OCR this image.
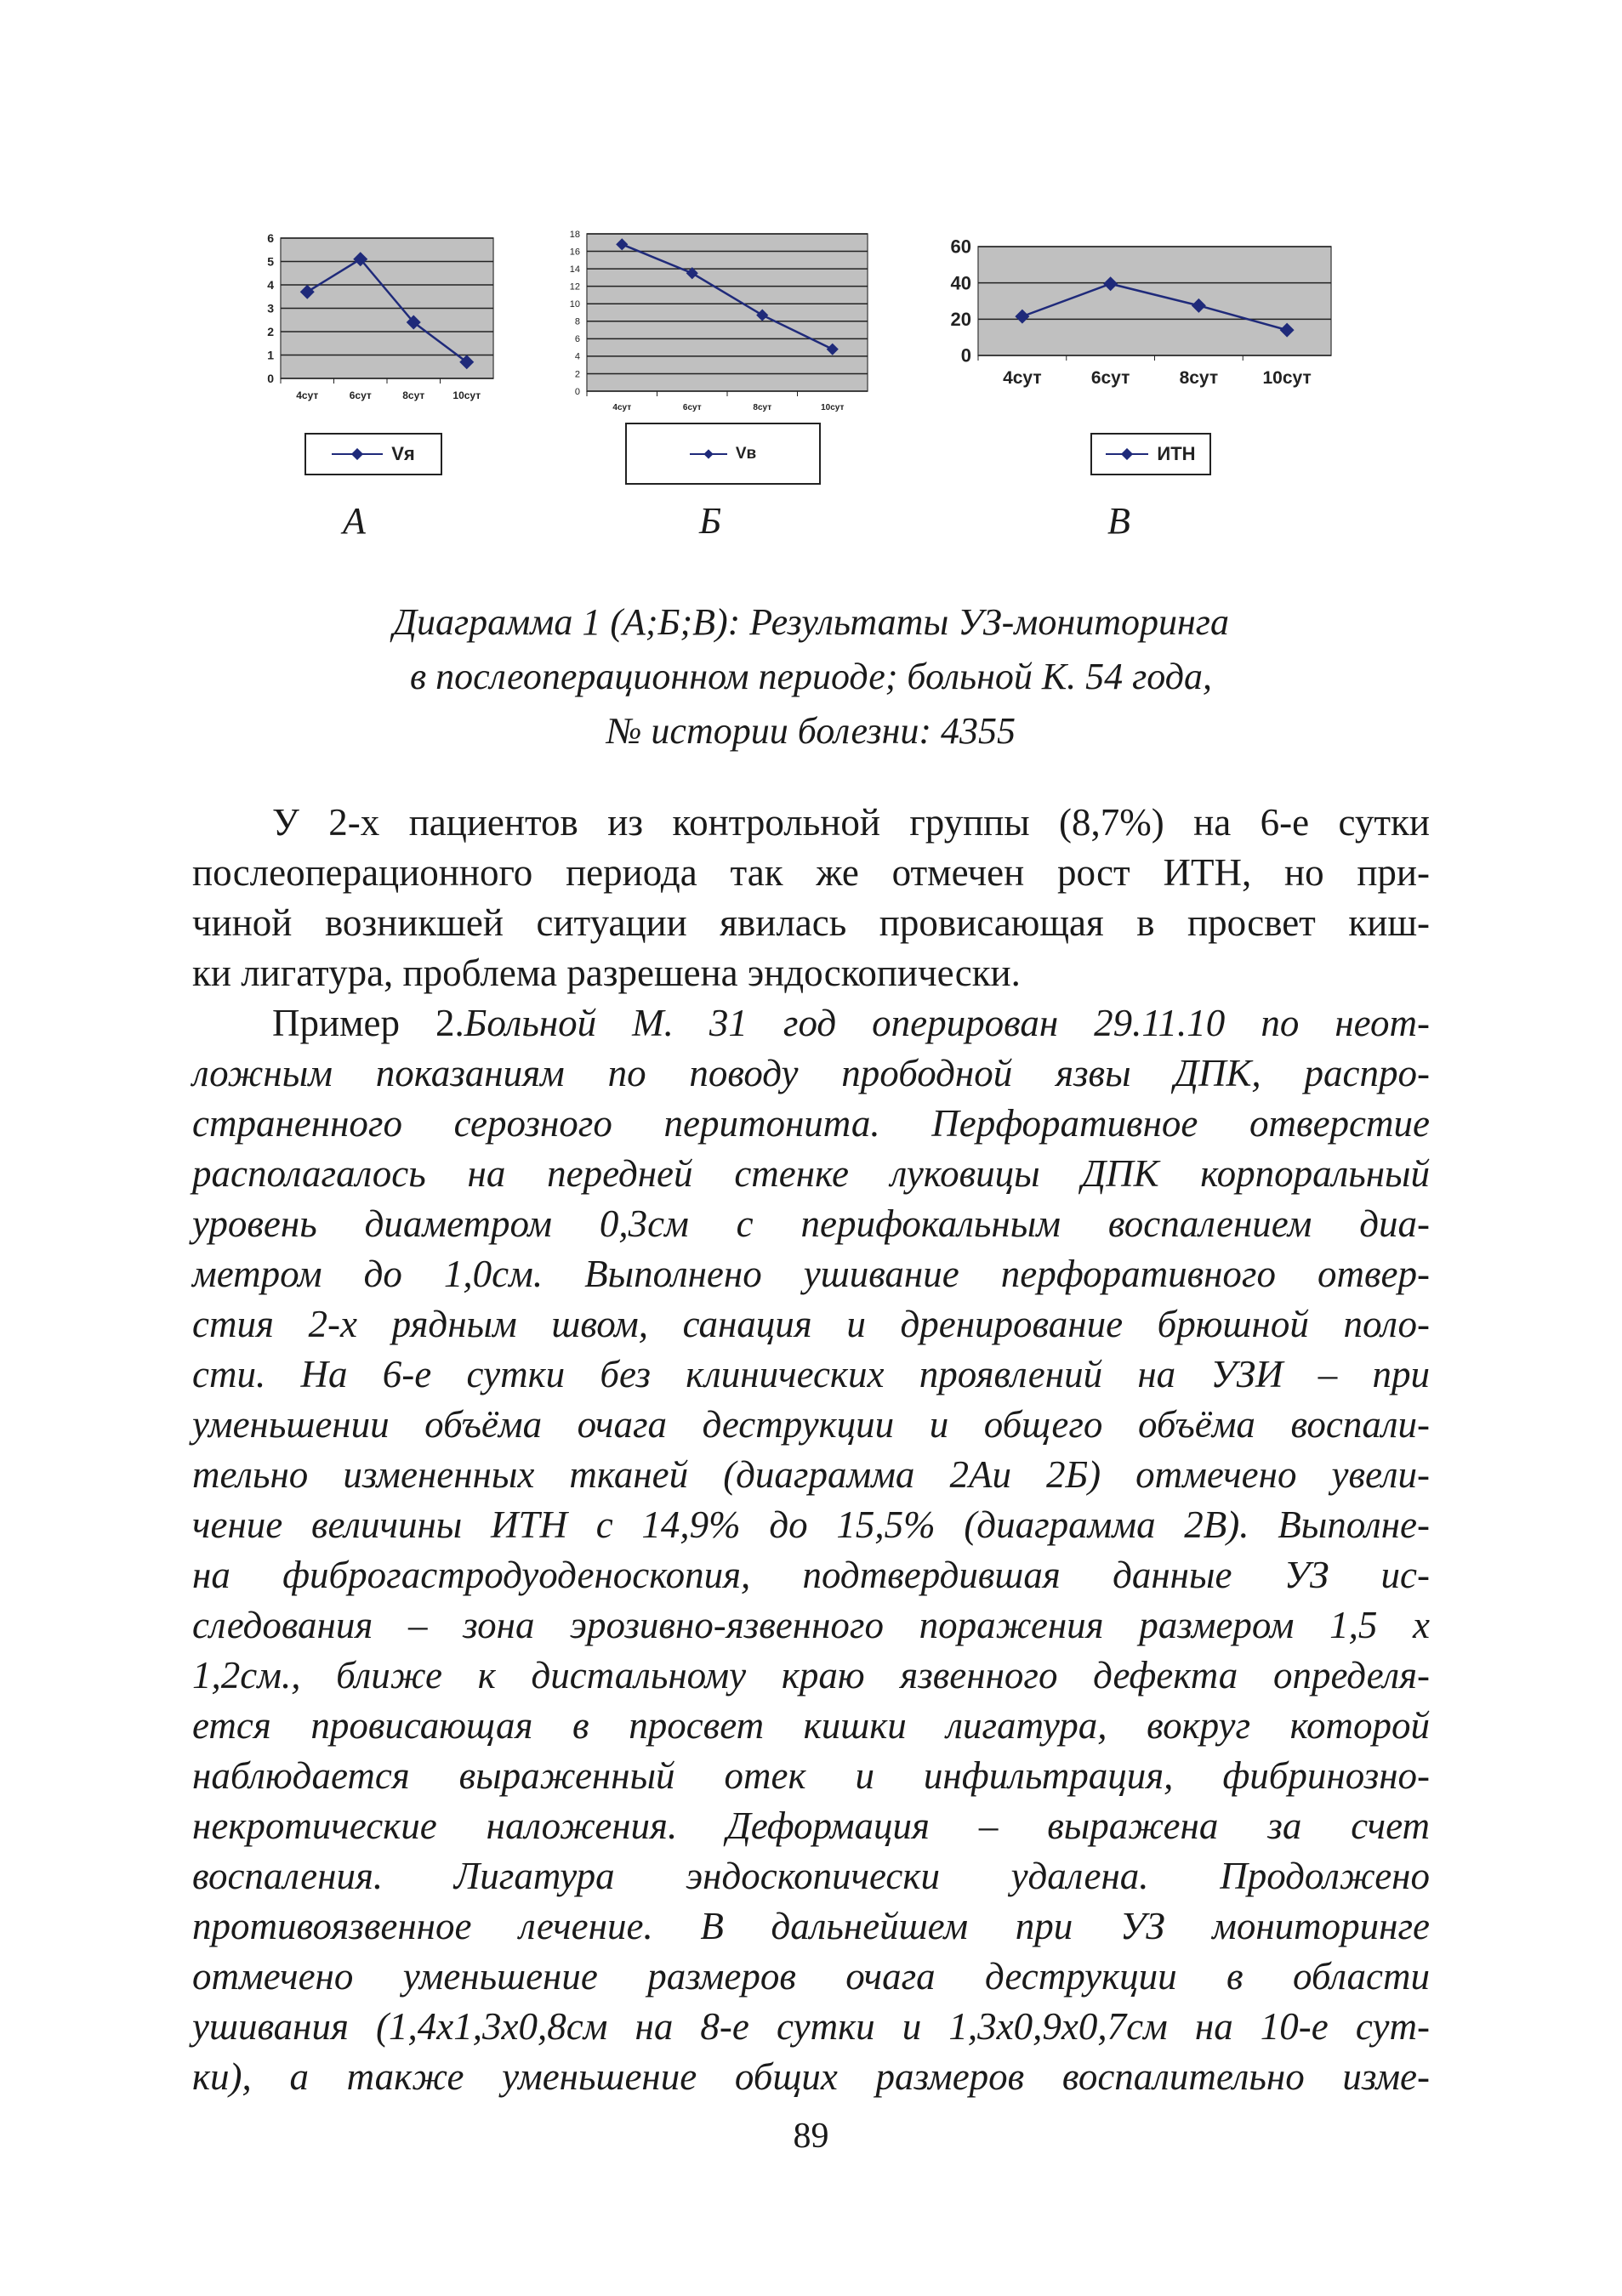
0
1
2
3
4
5
6
4сут	6сут	8сут	10сут
Vя
А
0
2
4
6
8
10
12
14
16
18
4сут	6сут	8сут	10сут
Vв
Б
0
20
40
60
4сут	6сут	8сут 10сут
ИТН
В
Диаграмма 1 (А;Б;В): Результаты УЗ-мониторинга
в послеоперационном периоде; больной К. 54 года,
№ истории болезни: 4355

У 2-х пациентов из контрольной группы (8,7%) на 6-е сутки
послеоперационного периода так же отмечен рост ИТН, но при-
чиной возникшей ситуации явилась провисающая в просвет киш-
ки лигатура, проблема разрешена эндоскопически.

Пример 2.Больной М. 31 год оперирован 29.11.10 по неот-
ложным показаниям по поводу прободной язвы ДПК, распро-
страненного серозного перитонита. Перфоративное отверстие
располагалось на передней стенке луковицы ДПК корпоральный
уровень диаметром 0,3см с перифокальным воспалением диа-
метром до 1,0см. Выполнено ушивание перфоративного отвер-
стия 2-х рядным швом, санация и дренирование брюшной поло-
сти. На 6-е сутки без клинических проявлений на УЗИ – при
уменьшении объёма очага деструкции и общего объёма воспали-
тельно измененных тканей (диаграмма 2Аи 2Б) отмечено увели-
чение величины ИТН с 14,9% до 15,5% (диаграмма 2В). Выполне-
на фиброгастродуоденоскопия, подтвердившая данные УЗ ис-
следования – зона эрозивно-язвенного поражения размером 1,5 х
1,2см., ближе к дистальному краю язвенного дефекта определя-
ется провисающая в просвет кишки лигатура, вокруг которой
наблюдается выраженный отек и инфильтрация, фибринозно-
некротические наложения. Деформация – выражена за счет
воспаления. Лигатура эндоскопически удалена. Продолжено
противоязвенное лечение. В дальнейшем при УЗ мониторинге
отмечено уменьшение размеров очага деструкции в области
ушивания (1,4х1,3х0,8см на 8-е сутки и 1,3х0,9х0,7см на 10-е сут-
ки), а также уменьшение общих размеров воспалительно изме-

89
